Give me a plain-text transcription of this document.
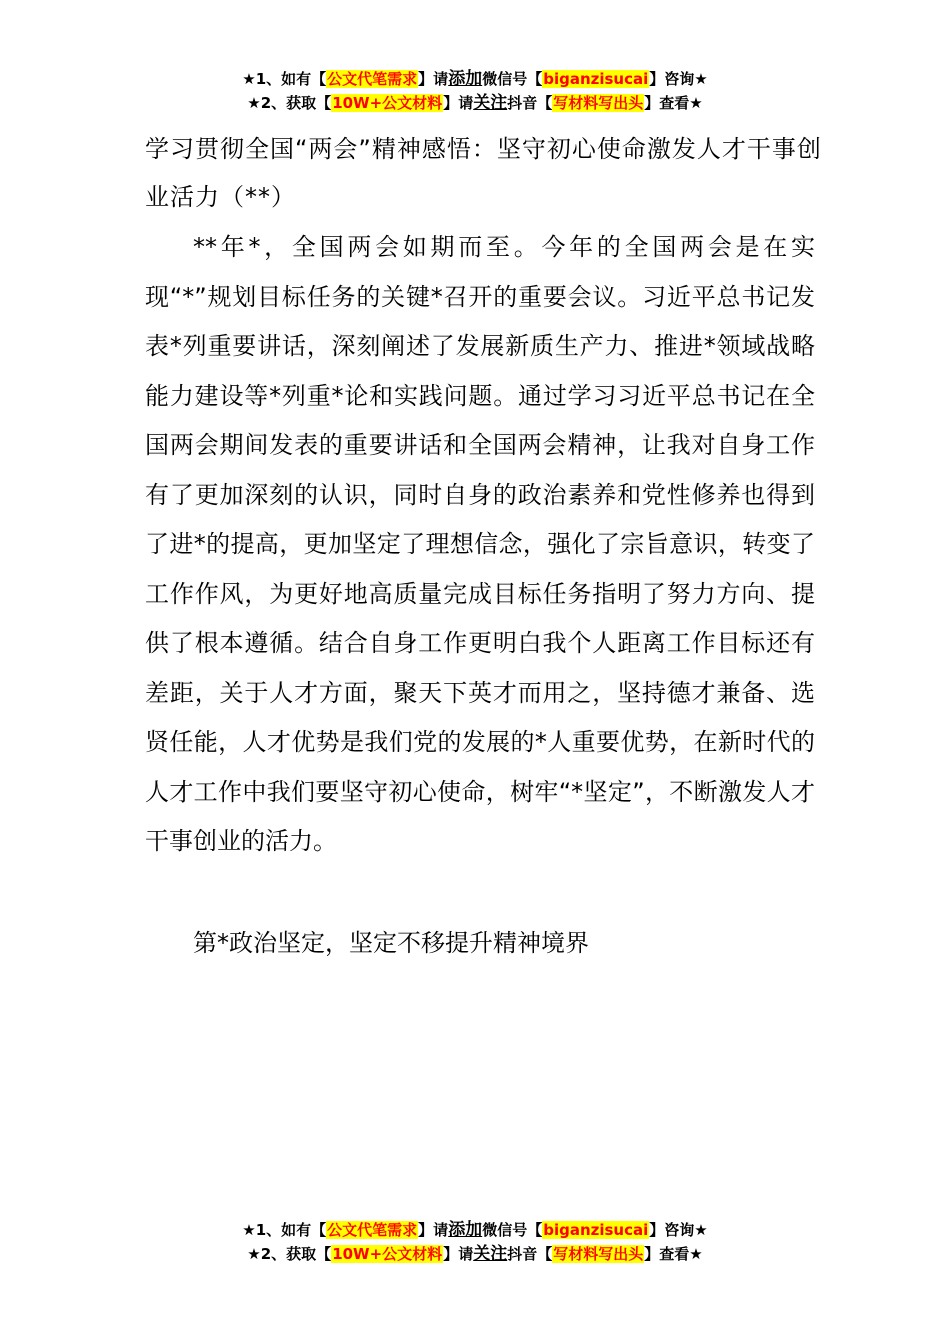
★1、如有【公文代笔需求】请添加微信号【biganzisucai】咨询★
★2、获取【10W+公文材料】请关注抖音【写材料写出头】查看★
学习贯彻全国“两会”精神感悟：坚守初心使命激发人才干事创业活力（**）

**年*，全国两会如期而至。今年的全国两会是在实现“*”规划目标任务的关键*召开的重要会议。习近平总书记发表*列重要讲话，深刻阐述了发展新质生产力、推进*领域战略能力建设等*列重*论和实践问题。通过学习习近平总书记在全国两会期间发表的重要讲话和全国两会精神，让我对自身工作有了更加深刻的认识，同时自身的政治素养和党性修养也得到了进*的提高，更加坚定了理想信念，强化了宗旨意识，转变了工作作风，为更好地高质量完成目标任务指明了努力方向、提供了根本遵循。结合自身工作更明白我个人距离工作目标还有差距，关于人才方面，聚天下英才而用之，坚持德才兼备、选贤任能，人才优势是我们党的发展的*人重要优势，在新时代的人才工作中我们要坚守初心使命，树牢“*坚定”，不断激发人才干事创业的活力。

第*政治坚定，坚定不移提升精神境界

★1、如有【公文代笔需求】请添加微信号【biganzisucai】咨询★
★2、获取【10W+公文材料】请关注抖音【写材料写出头】查看★
